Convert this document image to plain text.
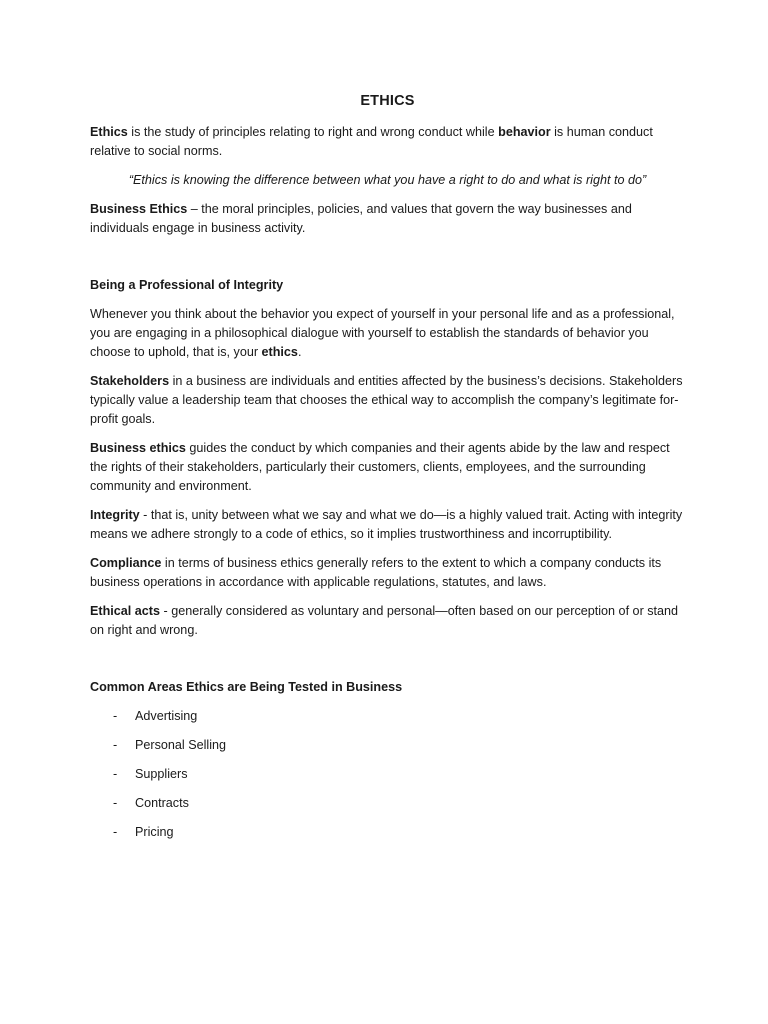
ETHICS

Ethics is the study of principles relating to right and wrong conduct while behavior is human conduct relative to social norms.

“Ethics is knowing the difference between what you have a right to do and what is right to do”

Business Ethics – the moral principles, policies, and values that govern the way businesses and individuals engage in business activity.

Being a Professional of Integrity

Whenever you think about the behavior you expect of yourself in your personal life and as a professional, you are engaging in a philosophical dialogue with yourself to establish the standards of behavior you choose to uphold, that is, your ethics.

Stakeholders in a business are individuals and entities affected by the business’s decisions. Stakeholders typically value a leadership team that chooses the ethical way to accomplish the company’s legitimate for-profit goals.

Business ethics guides the conduct by which companies and their agents abide by the law and respect the rights of their stakeholders, particularly their customers, clients, employees, and the surrounding community and environment.

Integrity - that is, unity between what we say and what we do—is a highly valued trait. Acting with integrity means we adhere strongly to a code of ethics, so it implies trustworthiness and incorruptibility.

Compliance in terms of business ethics generally refers to the extent to which a company conducts its business operations in accordance with applicable regulations, statutes, and laws.

Ethical acts - generally considered as voluntary and personal—often based on our perception of or stand on right and wrong.

Common Areas Ethics are Being Tested in Business

- Advertising
- Personal Selling
- Suppliers
- Contracts
- Pricing
